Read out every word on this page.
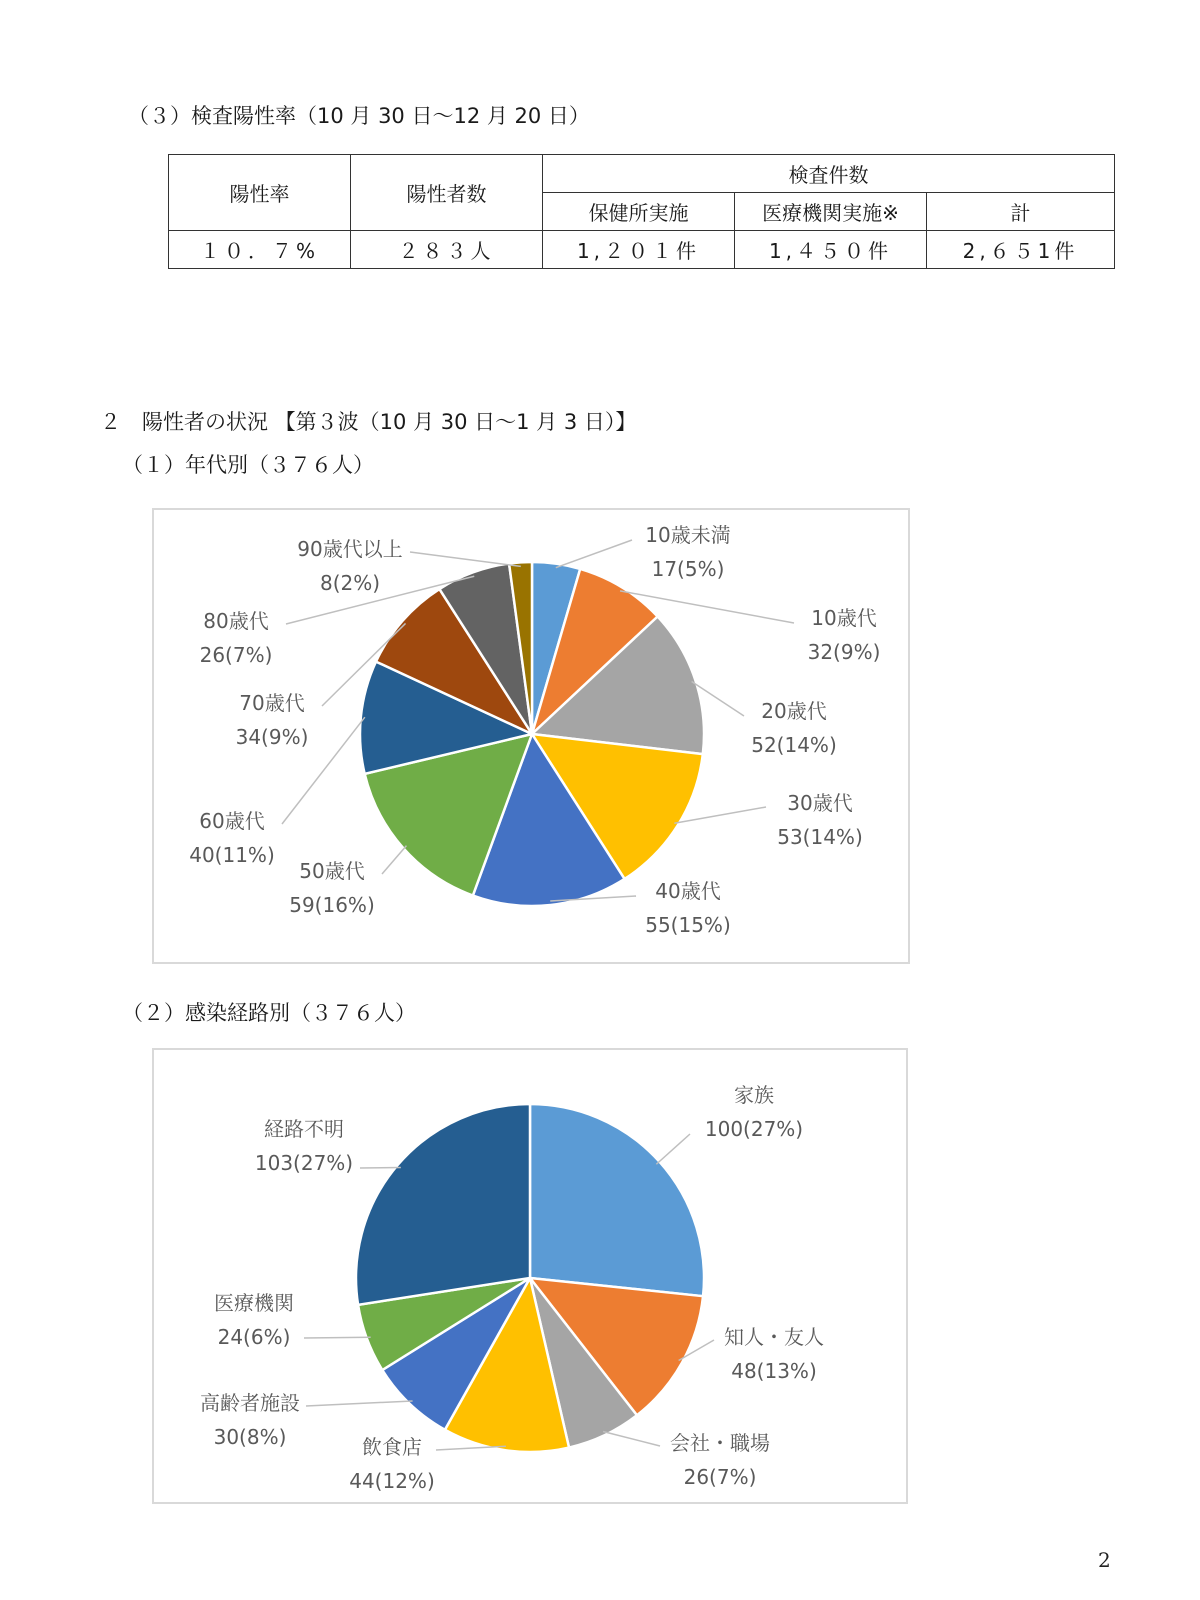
（３）検査陽性率（10 月 30 日～12 月 20 日）
陽性率	陽性者数	検査件数		
		保健所実施	医療機関実施※	計
１０．７%	２８３人	1,２０１件	1,４５０件	2,６５1件
２　陽性者の状況 【第３波（10 月 30 日～1 月 3 日）】
（１）年代別（３７６人）
10歳未満
17(5%)
10歳代
32(9%)
20歳代
52(14%)
30歳代
53(14%)
40歳代
55(15%)
50歳代
59(16%)
60歳代
40(11%)
70歳代
34(9%)
80歳代
26(7%)
90歳代以上
8(2%)
（２）感染経路別（３７６人）
家族
100(27%)
知人・友人
48(13%)
会社・職場
26(7%)
飲食店
44(12%)
高齢者施設
30(8%)
医療機関
24(6%)
経路不明
103(27%)
2
